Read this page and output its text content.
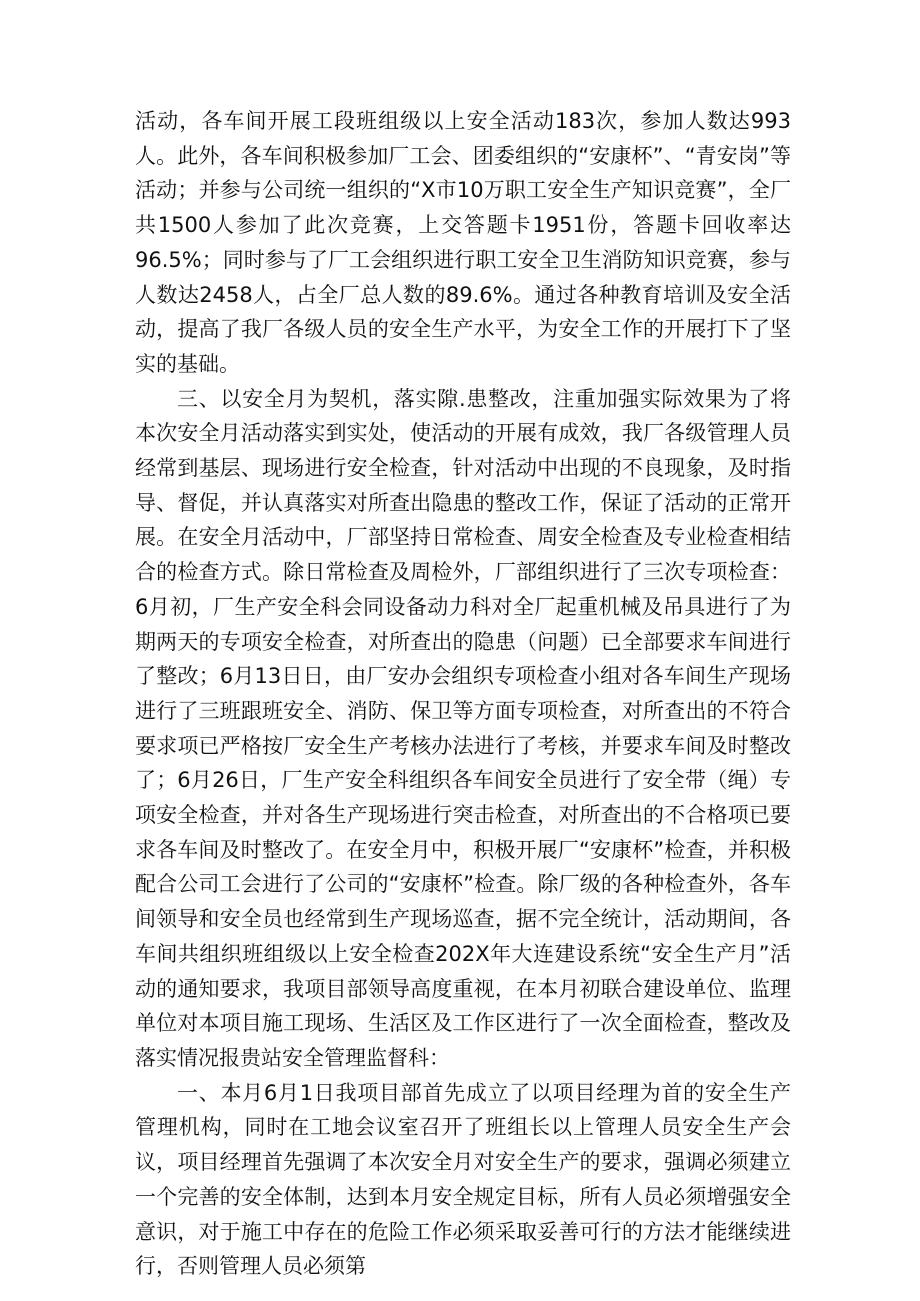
活动，各车间开展工段班组级以上安全活动183次，参加人数达993人。此外，各车间积极参加厂工会、团委组织的“安康杯”、“青安岗”等活动；并参与公司统一组织的“X市10万职工安全生产知识竞赛”，全厂共1500人参加了此次竞赛，上交答题卡1951份，答题卡回收率达96.5%；同时参与了厂工会组织进行职工安全卫生消防知识竞赛，参与人数达2458人，占全厂总人数的89.6%。通过各种教育培训及安全活动，提高了我厂各级人员的安全生产水平，为安全工作的开展打下了坚实的基础。

三、以安全月为契机，落实隙.患整改，注重加强实际效果为了将本次安全月活动落实到实处，使活动的开展有成效，我厂各级管理人员经常到基层、现场进行安全检查，针对活动中出现的不良现象，及时指导、督促，并认真落实对所查出隐患的整改工作，保证了活动的正常开展。在安全月活动中，厂部坚持日常检查、周安全检查及专业检查相结合的检查方式。除日常检查及周检外，厂部组织进行了三次专项检查：6月初，厂生产安全科会同设备动力科对全厂起重机械及吊具进行了为期两天的专项安全检查，对所查出的隐患（问题）已全部要求车间进行了整改；6月13日日，由厂安办会组织专项检查小组对各车间生产现场进行了三班跟班安全、消防、保卫等方面专项检查，对所查出的不符合要求项已严格按厂安全生产考核办法进行了考核，并要求车间及时整改了；6月26日，厂生产安全科组织各车间安全员进行了安全带（绳）专项安全检查，并对各生产现场进行突击检查，对所查出的不合格项已要求各车间及时整改了。在安全月中，积极开展厂“安康杯”检查，并积极配合公司工会进行了公司的“安康杯”检查。除厂级的各种检查外，各车间领导和安全员也经常到生产现场巡查，据不完全统计，活动期间，各车间共组织班组级以上安全检查202X年大连建设系统“安全生产月”活动的通知要求，我项目部领导高度重视，在本月初联合建设单位、监理单位对本项目施工现场、生活区及工作区进行了一次全面检查，整改及落实情况报贵站安全管理监督科：

一、本月6月1日我项目部首先成立了以项目经理为首的安全生产管理机构，同时在工地会议室召开了班组长以上管理人员安全生产会议，项目经理首先强调了本次安全月对安全生产的要求，强调必须建立一个完善的安全体制，达到本月安全规定目标，所有人员必须增强安全意识，对于施工中存在的危险工作必须采取妥善可行的方法才能继续进行，否则管理人员必须第
